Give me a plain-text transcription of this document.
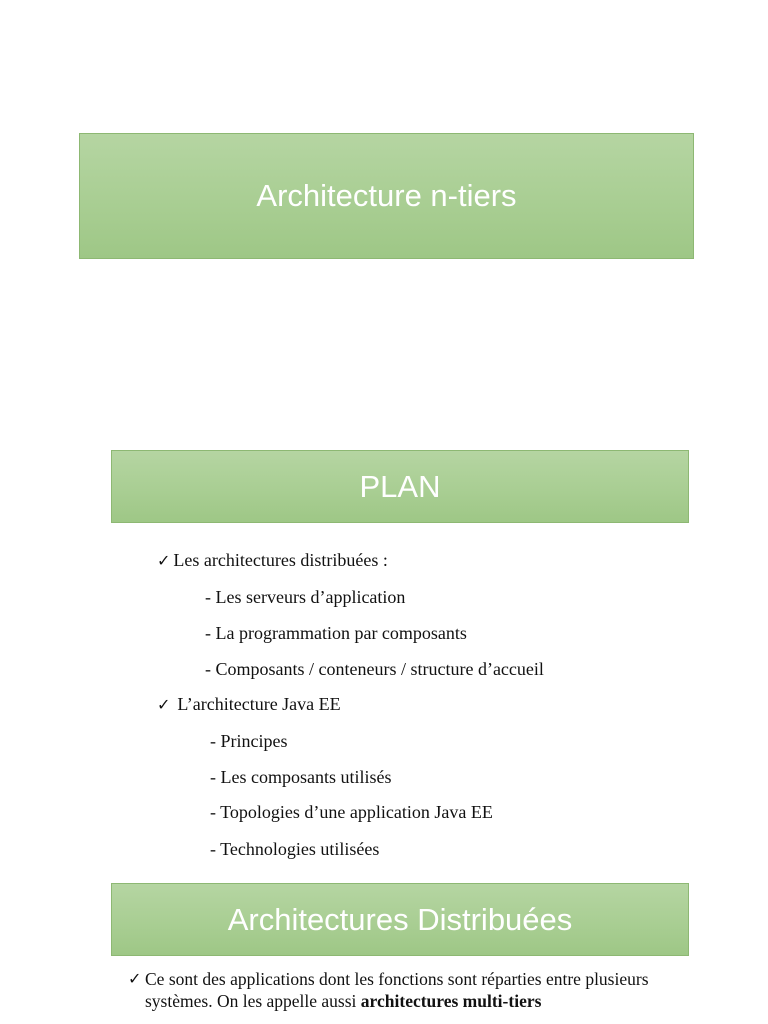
Architecture n-tiers
PLAN
✓ Les architectures distribuées :
- Les serveurs d’application
- La programmation par composants
- Composants / conteneurs / structure d’accueil
✓ L’architecture Java EE
- Principes
- Les composants utilisés
- Topologies d’une application Java EE
- Technologies utilisées
Architectures Distribuées
✓ Ce sont des applications dont les fonctions sont réparties entre plusieurs systèmes. On les appelle aussi architectures multi-tiers
